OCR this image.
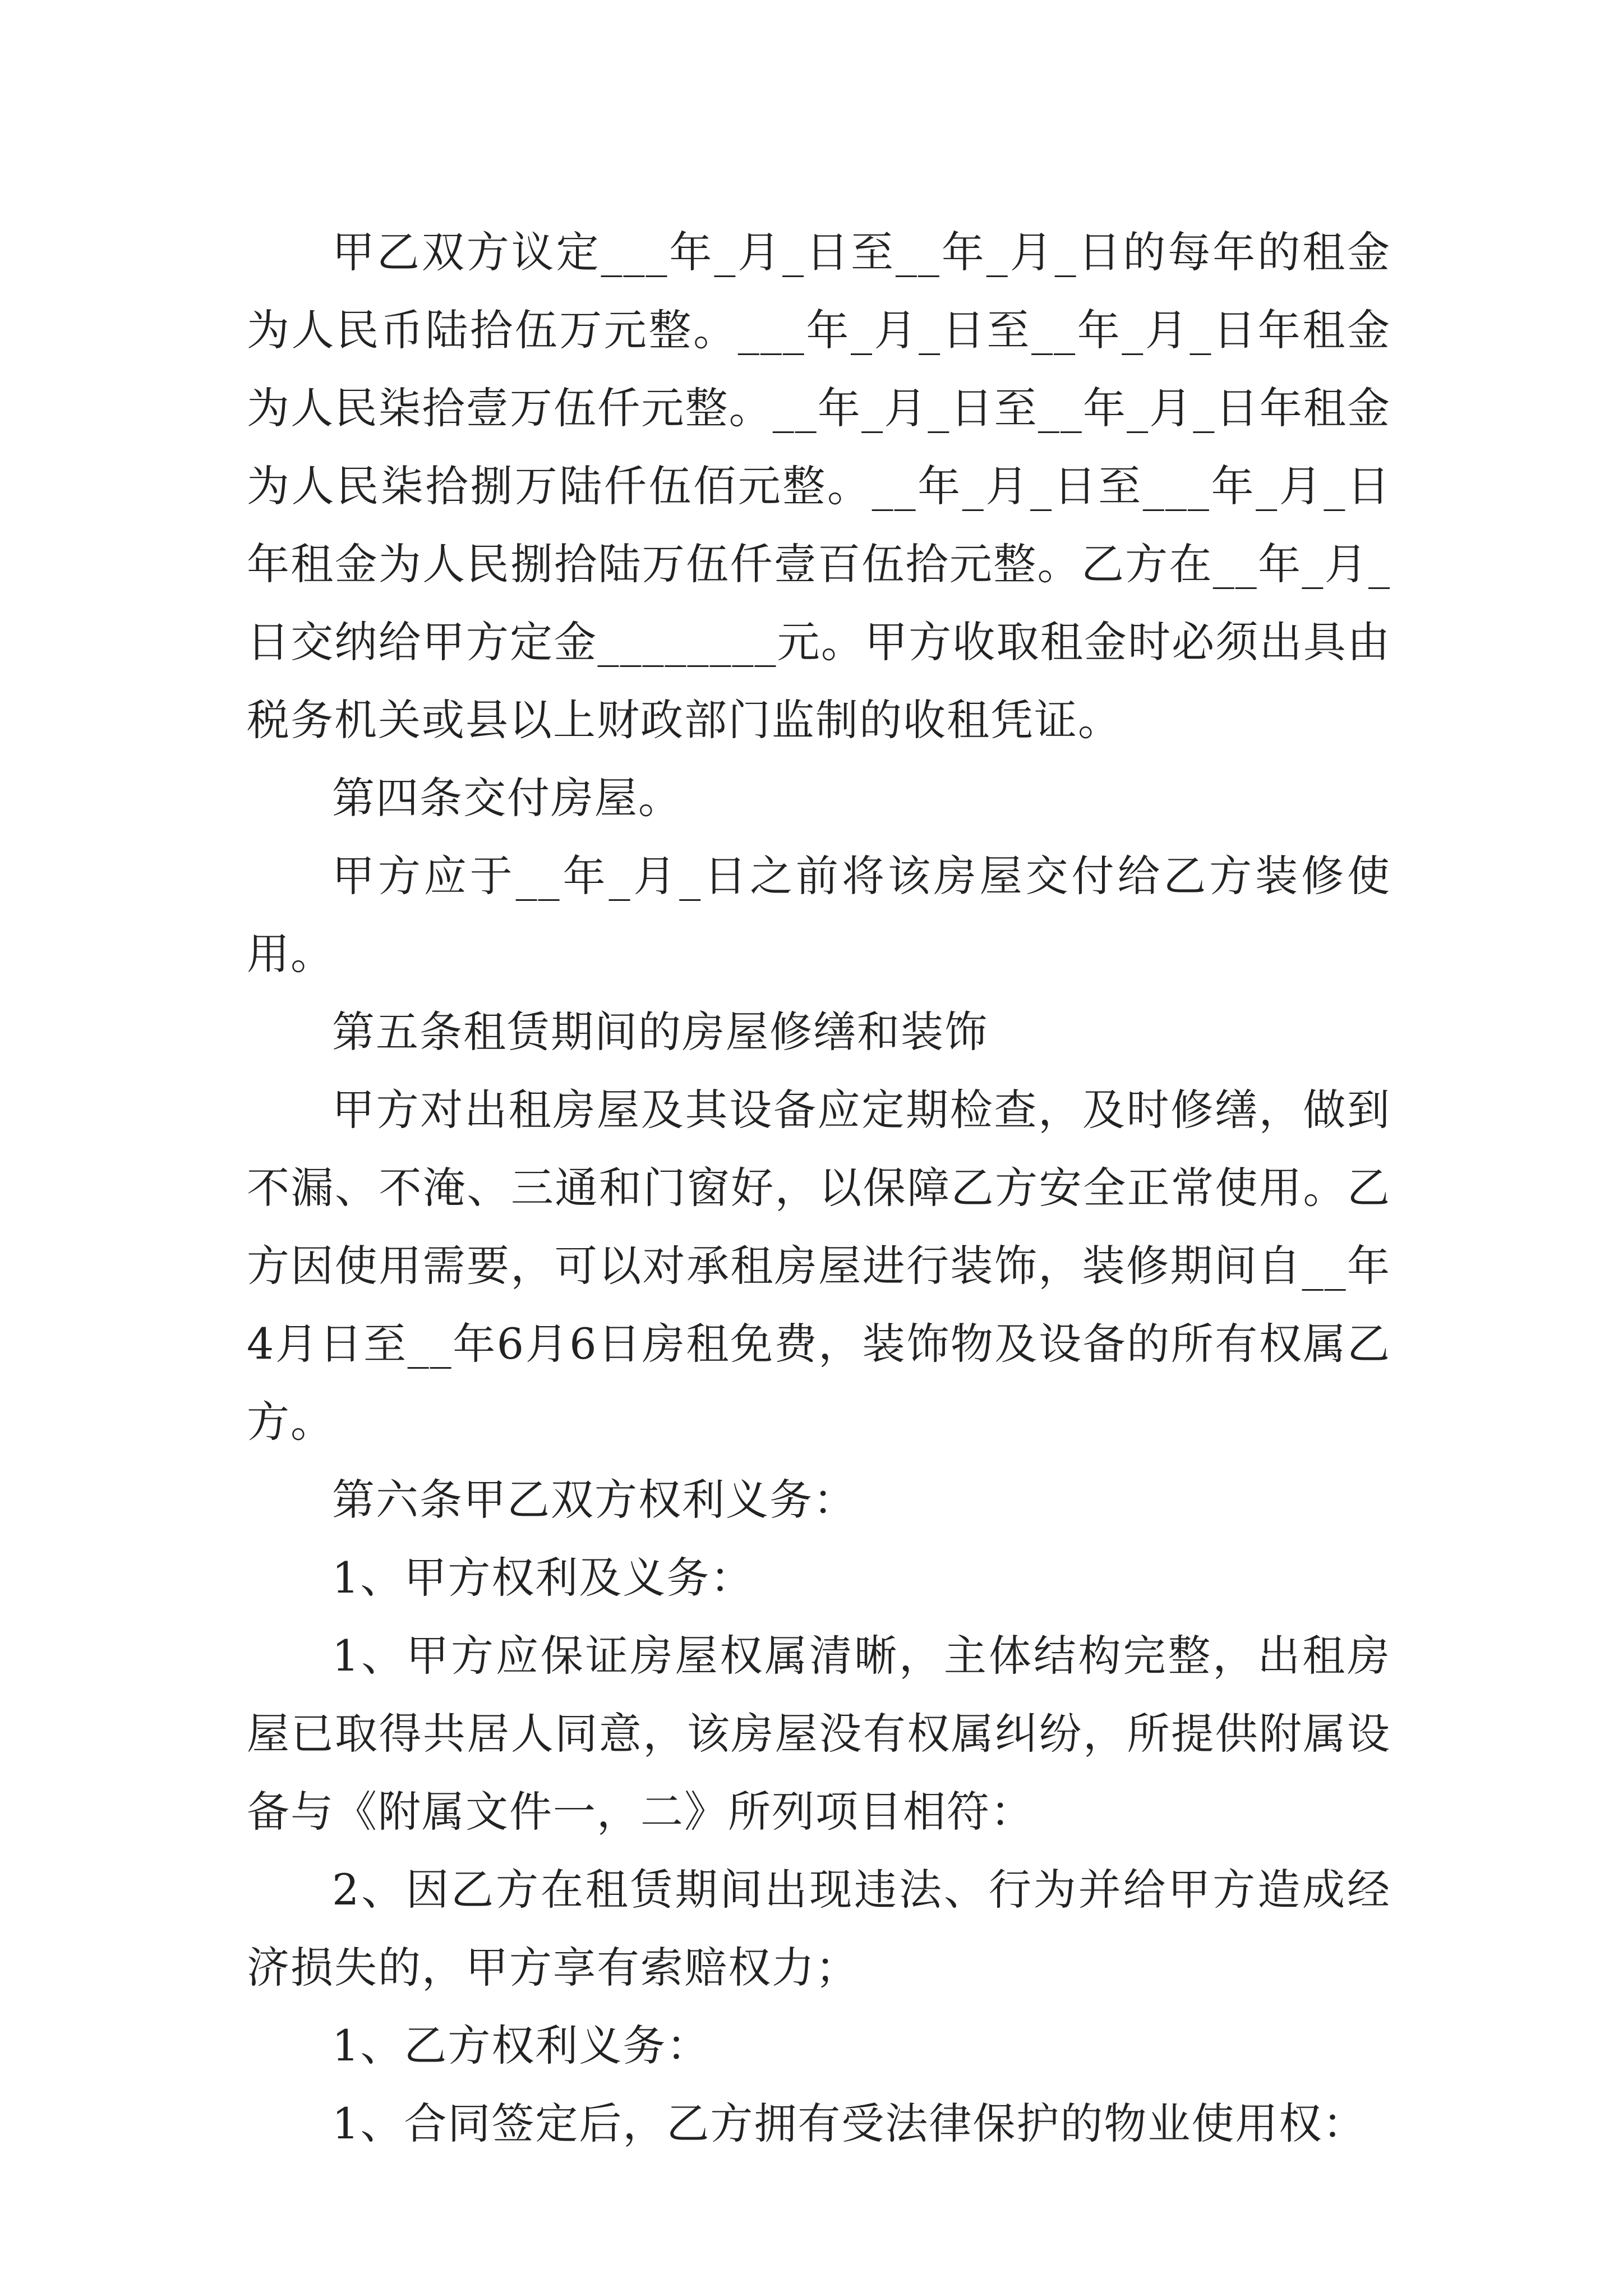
甲乙双方议定___年_月_日至__年_月_日的每年的租金为人民币陆拾伍万元整。___年_月_日至__年_月_日年租金为人民柒拾壹万伍仟元整。__年_月_日至__年_月_日年租金为人民柒拾捌万陆仟伍佰元整。__年_月_日至___年_月_日年租金为人民捌拾陆万伍仟壹百伍拾元整。乙方在__年_月_日交纳给甲方定金________元。甲方收取租金时必须出具由税务机关或县以上财政部门监制的收租凭证。

第四条交付房屋。

甲方应于__年_月_日之前将该房屋交付给乙方装修使用。

第五条租赁期间的房屋修缮和装饰

甲方对出租房屋及其设备应定期检查，及时修缮，做到不漏、不淹、三通和门窗好，以保障乙方安全正常使用。乙方因使用需要，可以对承租房屋进行装饰，装修期间自__年4月日至__年6月6日房租免费，装饰物及设备的所有权属乙方。

第六条甲乙双方权利义务：

1、甲方权利及义务：

1、甲方应保证房屋权属清晰，主体结构完整，出租房屋已取得共居人同意，该房屋没有权属纠纷，所提供附属设备与《附属文件一，二》所列项目相符：

2、因乙方在租赁期间出现违法、行为并给甲方造成经济损失的，甲方享有索赔权力；

1、乙方权利义务：

1、合同签定后，乙方拥有受法律保护的物业使用权：
